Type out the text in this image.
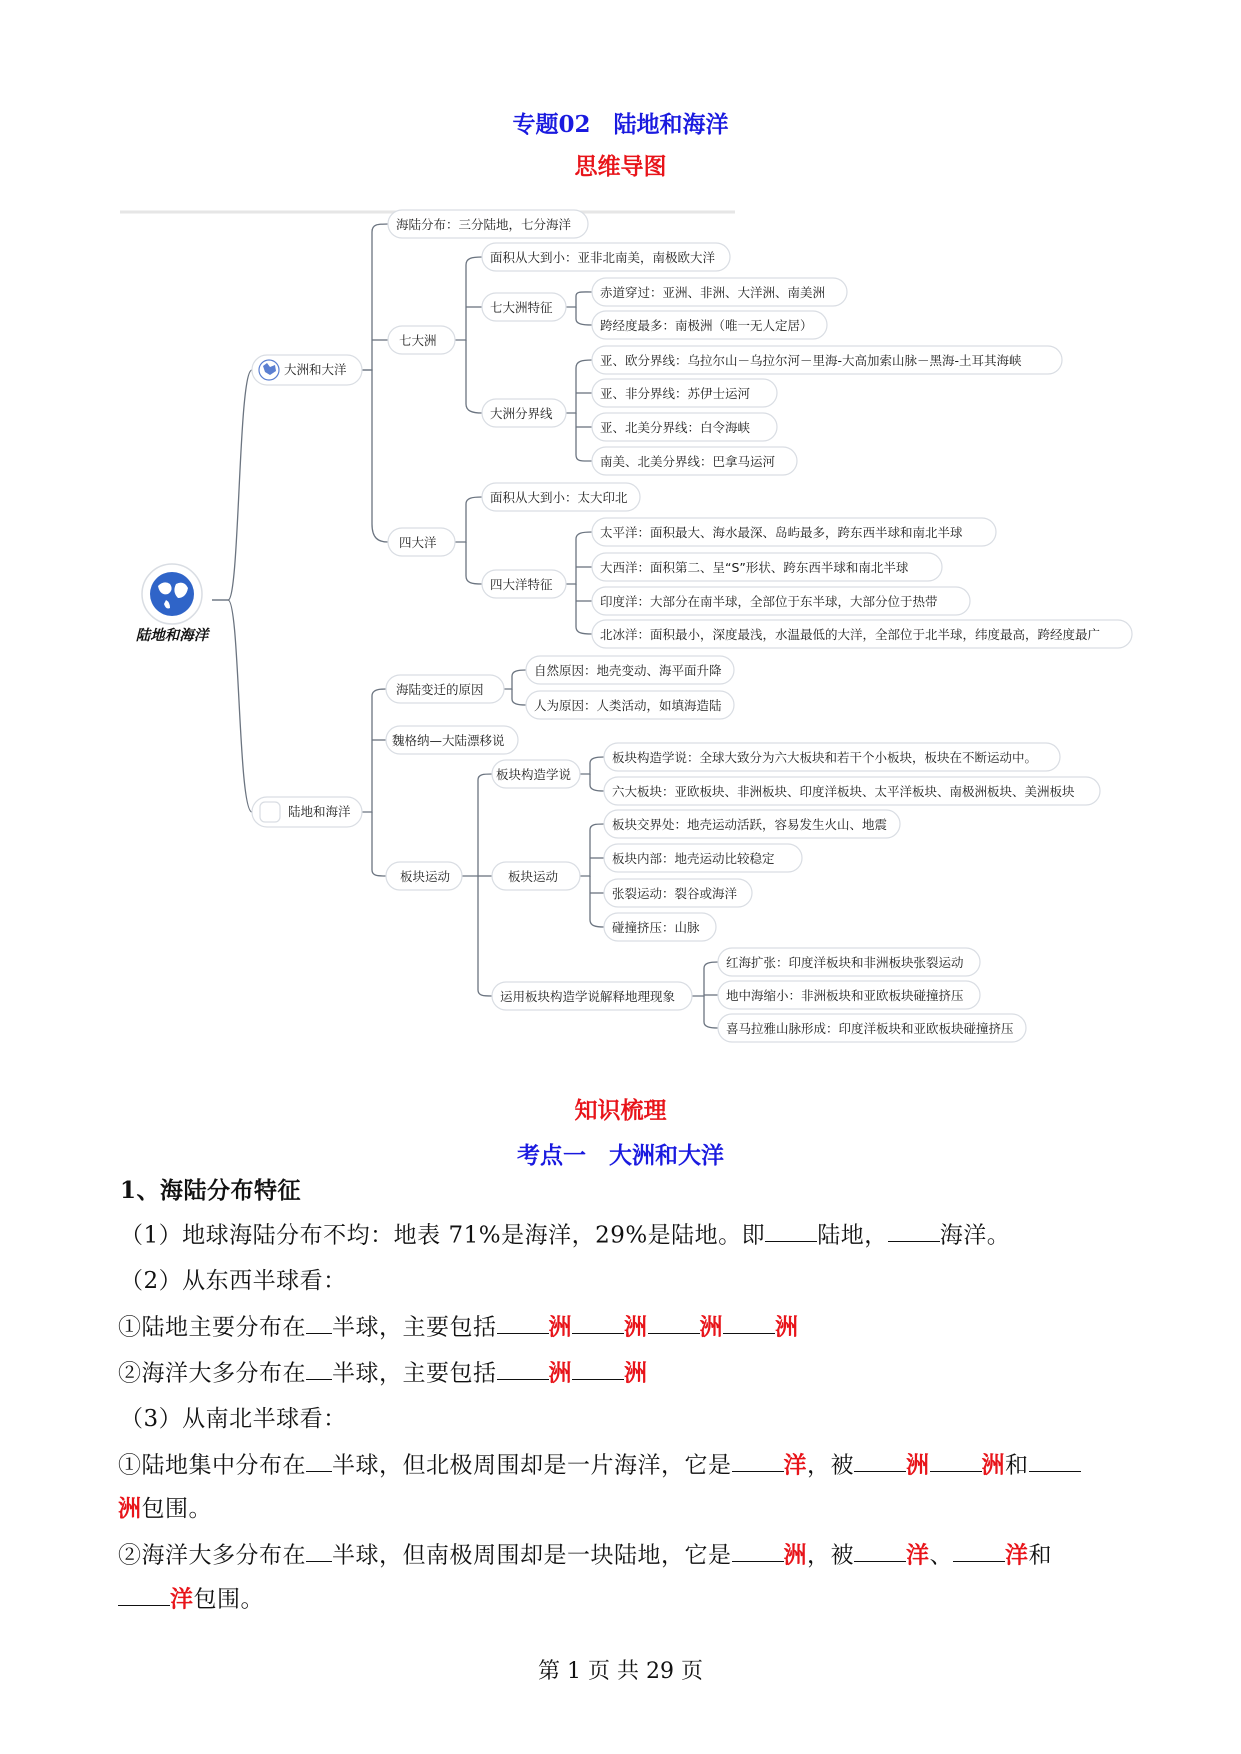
专题02　陆地和海洋
思维导图
陆地和海洋
大洲和大洋
陆地和海洋
海陆分布：三分陆地，七分海洋
七大洲
面积从大到小：亚非北南美，南极欧大洋
七大洲特征
赤道穿过：亚洲、非洲、大洋洲、南美洲
跨经度最多：南极洲（唯一无人定居）
大洲分界线
亚、欧分界线：乌拉尔山－乌拉尔河－里海-大高加索山脉－黑海-土耳其海峡
亚、非分界线：苏伊士运河
亚、北美分界线：白令海峡
南美、北美分界线：巴拿马运河
四大洋
面积从大到小：太大印北
四大洋特征
太平洋：面积最大、海水最深、岛屿最多，跨东西半球和南北半球
大西洋：面积第二、呈“S”形状、跨东西半球和南北半球
印度洋：大部分在南半球，全部位于东半球，大部分位于热带
北冰洋：面积最小，深度最浅，水温最低的大洋，全部位于北半球，纬度最高，跨经度最广
海陆变迁的原因
自然原因：地壳变动、海平面升降
人为原因：人类活动，如填海造陆
魏格纳—大陆漂移说
板块运动
板块构造学说
板块构造学说：全球大致分为六大板块和若干个小板块，板块在不断运动中。
六大板块：亚欧板块、非洲板块、印度洋板块、太平洋板块、南极洲板块、美洲板块
板块运动
板块交界处：地壳运动活跃，容易发生火山、地震
板块内部：地壳运动比较稳定
张裂运动：裂谷或海洋
碰撞挤压：山脉
运用板块构造学说解释地理现象
红海扩张：印度洋板块和非洲板块张裂运动
地中海缩小：非洲板块和亚欧板块碰撞挤压
喜马拉雅山脉形成：印度洋板块和亚欧板块碰撞挤压
知识梳理
考点一　大洲和大洋
1、海陆分布特征
（1）地球海陆分布不均：地表 71%是海洋，29%是陆地。即 陆地， 海洋。
（2）从东西半球看：
①陆地主要分布在 半球，主要包括 洲 洲 洲 洲
②海洋大多分布在 半球，主要包括 洲 洲
（3）从南北半球看：
①陆地集中分布在 半球，但北极周围却是一片海洋，它是 洋，被 洲 洲和
洲包围。
②海洋大多分布在 半球，但南极周围却是一块陆地，它是 洲，被 洋、 洋和
洋包围。
第 1 页 共 29 页
